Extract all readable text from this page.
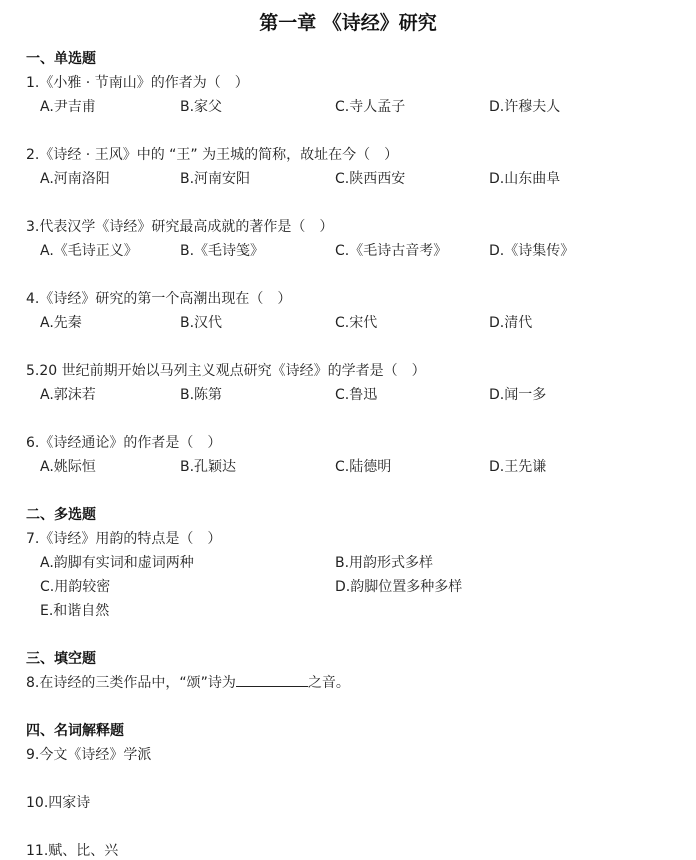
第一章 《诗经》研究
一、单选题
1.《小雅 · 节南山》的作者为（　）
A.尹吉甫	B.家父	C.寺人孟子	D.许穆夫人
2.《诗经 · 王风》中的 “王” 为王城的简称，故址在今（　）
A.河南洛阳	B.河南安阳	C.陕西西安	D.山东曲阜
3.代表汉学《诗经》研究最高成就的著作是（　）
A.《毛诗正义》	B.《毛诗笺》	C.《毛诗古音考》	D.《诗集传》
4.《诗经》研究的第一个高潮出现在（　）
A.先秦	B.汉代	C.宋代	D.清代
5.20 世纪前期开始以马列主义观点研究《诗经》的学者是（　）
A.郭沫若	B.陈第	C.鲁迅	D.闻一多
6.《诗经通论》的作者是（　）
A.姚际恒	B.孔颖达	C.陆德明	D.王先谦
二、多选题
7.《诗经》用韵的特点是（　）
A.韵脚有实词和虚词两种	B.用韵形式多样
C.用韵较密	D.韵脚位置多种多样
E.和谐自然
三、填空题
8.在诗经的三类作品中，“颂”诗为	之音。
四、名词解释题
9.今文《诗经》学派
10.四家诗
11.赋、比、兴
